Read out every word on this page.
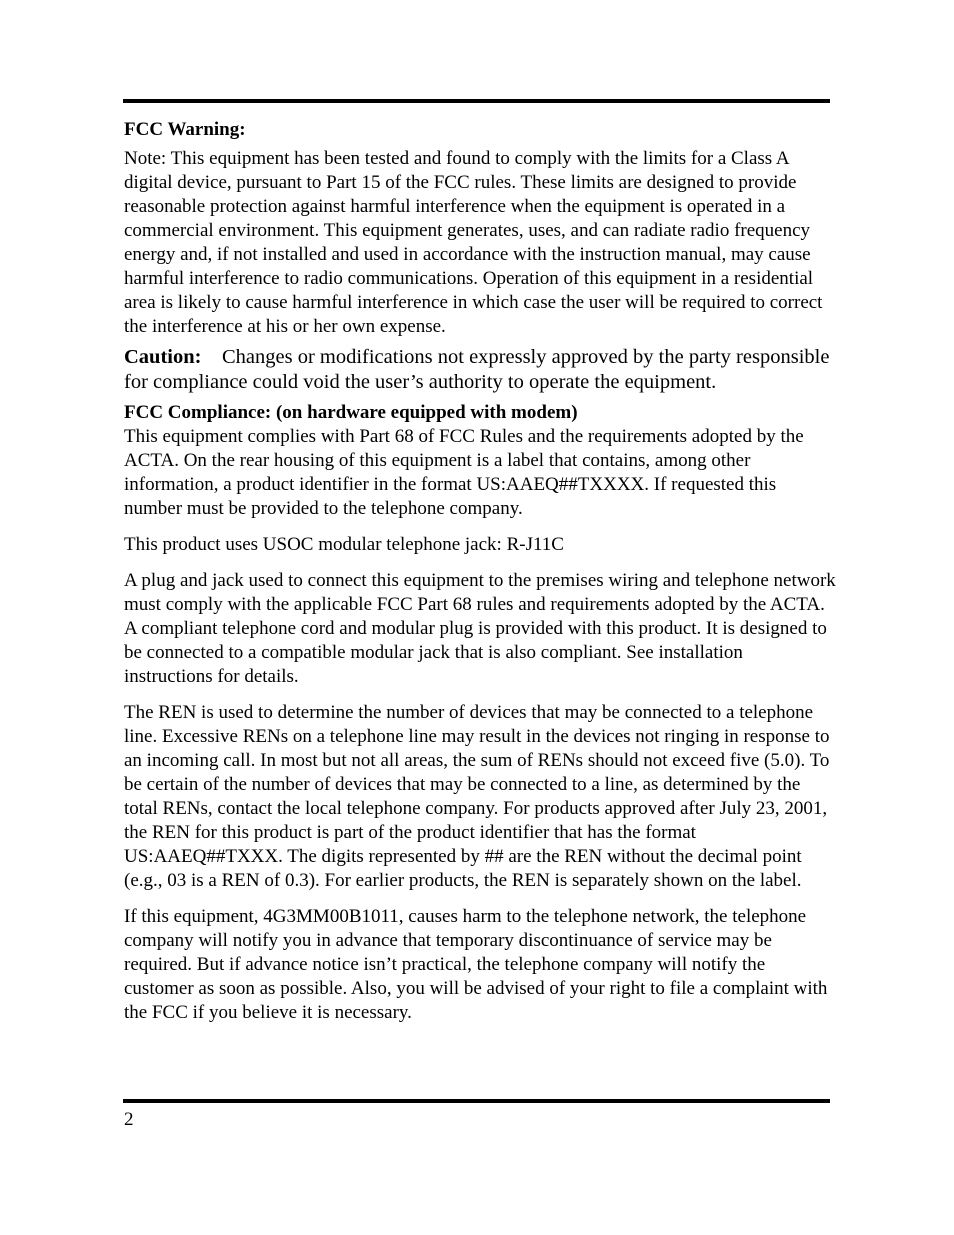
FCC Warning:

Note: This equipment has been tested and found to comply with the limits for a Class A digital device, pursuant to Part 15 of the FCC rules. These limits are designed to provide reasonable protection against harmful interference when the equipment is operated in a commercial environment. This equipment generates, uses, and can radiate radio frequency energy and, if not installed and used in accordance with the instruction manual, may cause harmful interference to radio communications. Operation of this equipment in a residential area is likely to cause harmful interference in which case the user will be required to correct the interference at his or her own expense.

Caution: Changes or modifications not expressly approved by the party responsible for compliance could void the user’s authority to operate the equipment.

FCC Compliance: (on hardware equipped with modem)

This equipment complies with Part 68 of FCC Rules and the requirements adopted by the ACTA. On the rear housing of this equipment is a label that contains, among other information, a product identifier in the format US:AAEQ##TXXXX. If requested this number must be provided to the telephone company.

This product uses USOC modular telephone jack: R-J11C

A plug and jack used to connect this equipment to the premises wiring and telephone network must comply with the applicable FCC Part 68 rules and requirements adopted by the ACTA. A compliant telephone cord and modular plug is provided with this product. It is designed to be connected to a compatible modular jack that is also compliant. See installation instructions for details.

The REN is used to determine the number of devices that may be connected to a telephone line. Excessive RENs on a telephone line may result in the devices not ringing in response to an incoming call. In most but not all areas, the sum of RENs should not exceed five (5.0). To be certain of the number of devices that may be connected to a line, as determined by the total RENs, contact the local telephone company. For products approved after July 23, 2001, the REN for this product is part of the product identifier that has the format US:AAEQ##TXXX. The digits represented by ## are the REN without the decimal point (e.g., 03 is a REN of 0.3). For earlier products, the REN is separately shown on the label.

If this equipment, 4G3MM00B1011, causes harm to the telephone network, the telephone company will notify you in advance that temporary discontinuance of service may be required. But if advance notice isn’t practical, the telephone company will notify the customer as soon as possible. Also, you will be advised of your right to file a complaint with the FCC if you believe it is necessary.

2
